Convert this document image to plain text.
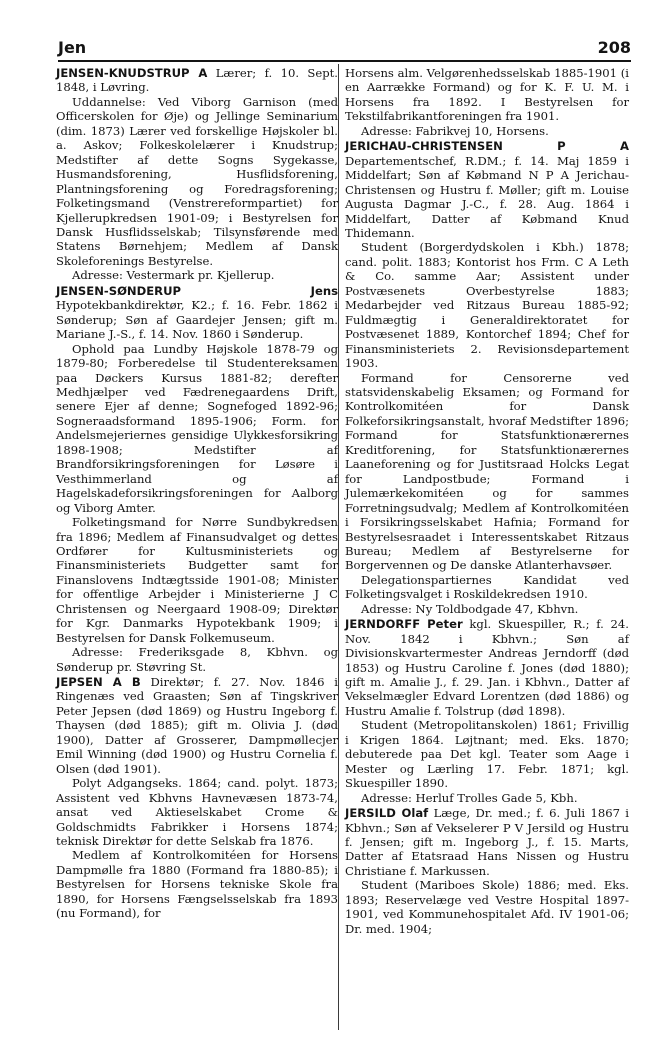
Jen	208

JENSEN-KNUDSTRUP A Lærer; f. 10. Sept. 1848, i Løvring.

Uddannelse: Ved Viborg Garnison (med Officerskolen for Øje) og Jellinge Seminarium (dim. 1873) Lærer ved forskellige Højskoler bl. a. Askov; Folkeskolelærer i Knudstrup; Medstifter af dette Sogns Sygekasse, Husmandsforening, Husflidsforening, Plantningsforening og Foredragsforening; Folketingsmand (Venstrereformpartiet) for Kjellerupkredsen 1901-09; i Bestyrelsen for Dansk Husflidsselskab; Tilsynsførende med Statens Børnehjem; Medlem af Dansk Skoleforenings Bestyrelse.

Adresse: Vestermark pr. Kjellerup.

JENSEN-SØNDERUP Jens Hypotekbankdirektør, K2.; f. 16. Febr. 1862 i Sønderup; Søn af Gaardejer Jensen; gift m. Mariane J.-S., f. 14. Nov. 1860 i Sønderup.

Ophold paa Lundby Højskole 1878-79 og 1879-80; Forberedelse til Studentereksamen paa Døckers Kursus 1881-82; derefter Medhjælper ved Fædrenegaardens Drift, senere Ejer af denne; Sognefoged 1892-96; Sogneraadsformand 1895-1906; Form. for Andelsmejeriernes gensidige Ulykkesforsikring 1898-1908; Medstifter af Brandforsikringsforeningen for Løsøre i Vesthimmerland og af Hagelskadeforsikringsforeningen for Aalborg og Viborg Amter.

Folketingsmand for Nørre Sundbykredsen fra 1896; Medlem af Finansudvalget og dettes Ordfører for Kultusministeriets og Finansministeriets Budgetter samt for Finanslovens Indtægtsside 1901-08; Minister for offentlige Arbejder i Ministerierne J C Christensen og Neergaard 1908-09; Direktør for Kgr. Danmarks Hypotekbank 1909; i Bestyrelsen for Dansk Folkemuseum.

Adresse: Frederiksgade 8, Kbhvn. og Sønderup pr. Støvring St.

JEPSEN A B Direktør; f. 27. Nov. 1846 i Ringenæs ved Graasten; Søn af Tingskriver Peter Jepsen (død 1869) og Hustru Ingeborg f. Thaysen (død 1885); gift m. Olivia J. (død 1900), Datter af Grosserer, Dampmøllecjer Emil Winning (død 1900) og Hustru Cornelia f. Olsen (død 1901).

Polyt Adgangseks. 1864; cand. polyt. 1873; Assistent ved Kbhvns Havnevæsen 1873-74, ansat ved Aktieselskabet Crome & Goldschmidts Fabrikker i Horsens 1874; teknisk Direktør for dette Selskab fra 1876.

Medlem af Kontrolkomitéen for Horsens Dampmølle fra 1880 (Formand fra 1880-85); i Bestyrelsen for Horsens tekniske Skole fra 1890, for Horsens Fængselsselskab fra 1893 (nu Formand), for

Horsens alm. Velgørenhedsselskab 1885-1901 (i en Aarrække Formand) og for K. F. U. M. i Horsens fra 1892. I Bestyrelsen for Tekstilfabrikantforeningen fra 1901.

Adresse: Fabrikvej 10, Horsens.

JERICHAU-CHRISTENSEN P A Departementschef, R.DM.; f. 14. Maj 1859 i Middelfart; Søn af Købmand N P A Jerichau-Christensen og Hustru f. Møller; gift m. Louise Augusta Dagmar J.-C., f. 28. Aug. 1864 i Middelfart, Datter af Købmand Knud Thidemann.

Student (Borgerdydskolen i Kbh.) 1878; cand. polit. 1883; Kontorist hos Frm. C A Leth & Co. samme Aar; Assistent under Postvæsenets Overbestyrelse 1883; Medarbejder ved Ritzaus Bureau 1885-92; Fuldmægtig i Generaldirektoratet for Postvæsenet 1889, Kontorchef 1894; Chef for Finansministeriets 2. Revisionsdepartement 1903.

Formand for Censorerne ved statsvidenskabelig Eksamen; og Formand for Kontrolkomitéen for Dansk Folkeforsikringsanstalt, hvoraf Medstifter 1896; Formand for Statsfunktionærernes Kreditforening, for Statsfunktionærernes Laaneforening og for Justitsraad Holcks Legat for Landpostbude; Formand i Julemærkekomitéen og for sammes Forretningsudvalg; Medlem af Kontrolkomitéen i Forsikringsselskabet Hafnia; Formand for Bestyrelsesraadet i Interessentskabet Ritzaus Bureau; Medlem af Bestyrelserne for Borgervennen og De danske Atlanterhavsøer.

Delegationspartiernes Kandidat ved Folketingsvalget i Roskildekredsen 1910.

Adresse: Ny Toldbodgade 47, Kbhvn.

JERNDORFF Peter kgl. Skuespiller, R.; f. 24. Nov. 1842 i Kbhvn.; Søn af Divisionskvartermester Andreas Jerndorff (død 1853) og Hustru Caroline f. Jones (død 1880); gift m. Amalie J., f. 29. Jan. i Kbhvn., Datter af Vekselmægler Edvard Lorentzen (død 1886) og Hustru Amalie f. Tolstrup (død 1898).

Student (Metropolitanskolen) 1861; Frivillig i Krigen 1864. Løjtnant; med. Eks. 1870; debuterede paa Det kgl. Teater som Aage i Mester og Lærling 17. Febr. 1871; kgl. Skuespiller 1890.

Adresse: Herluf Trolles Gade 5, Kbh.

JERSILD Olaf Læge, Dr. med.; f. 6. Juli 1867 i Kbhvn.; Søn af Vekselerer P V Jersild og Hustru f. Jensen; gift m. Ingeborg J., f. 15. Marts, Datter af Etatsraad Hans Nissen og Hustru Christiane f. Markussen.

Student (Mariboes Skole) 1886; med. Eks. 1893; Reservelæge ved Vestre Hospital 1897-1901, ved Kommunehospitalet Afd. IV 1901-06; Dr. med. 1904;
